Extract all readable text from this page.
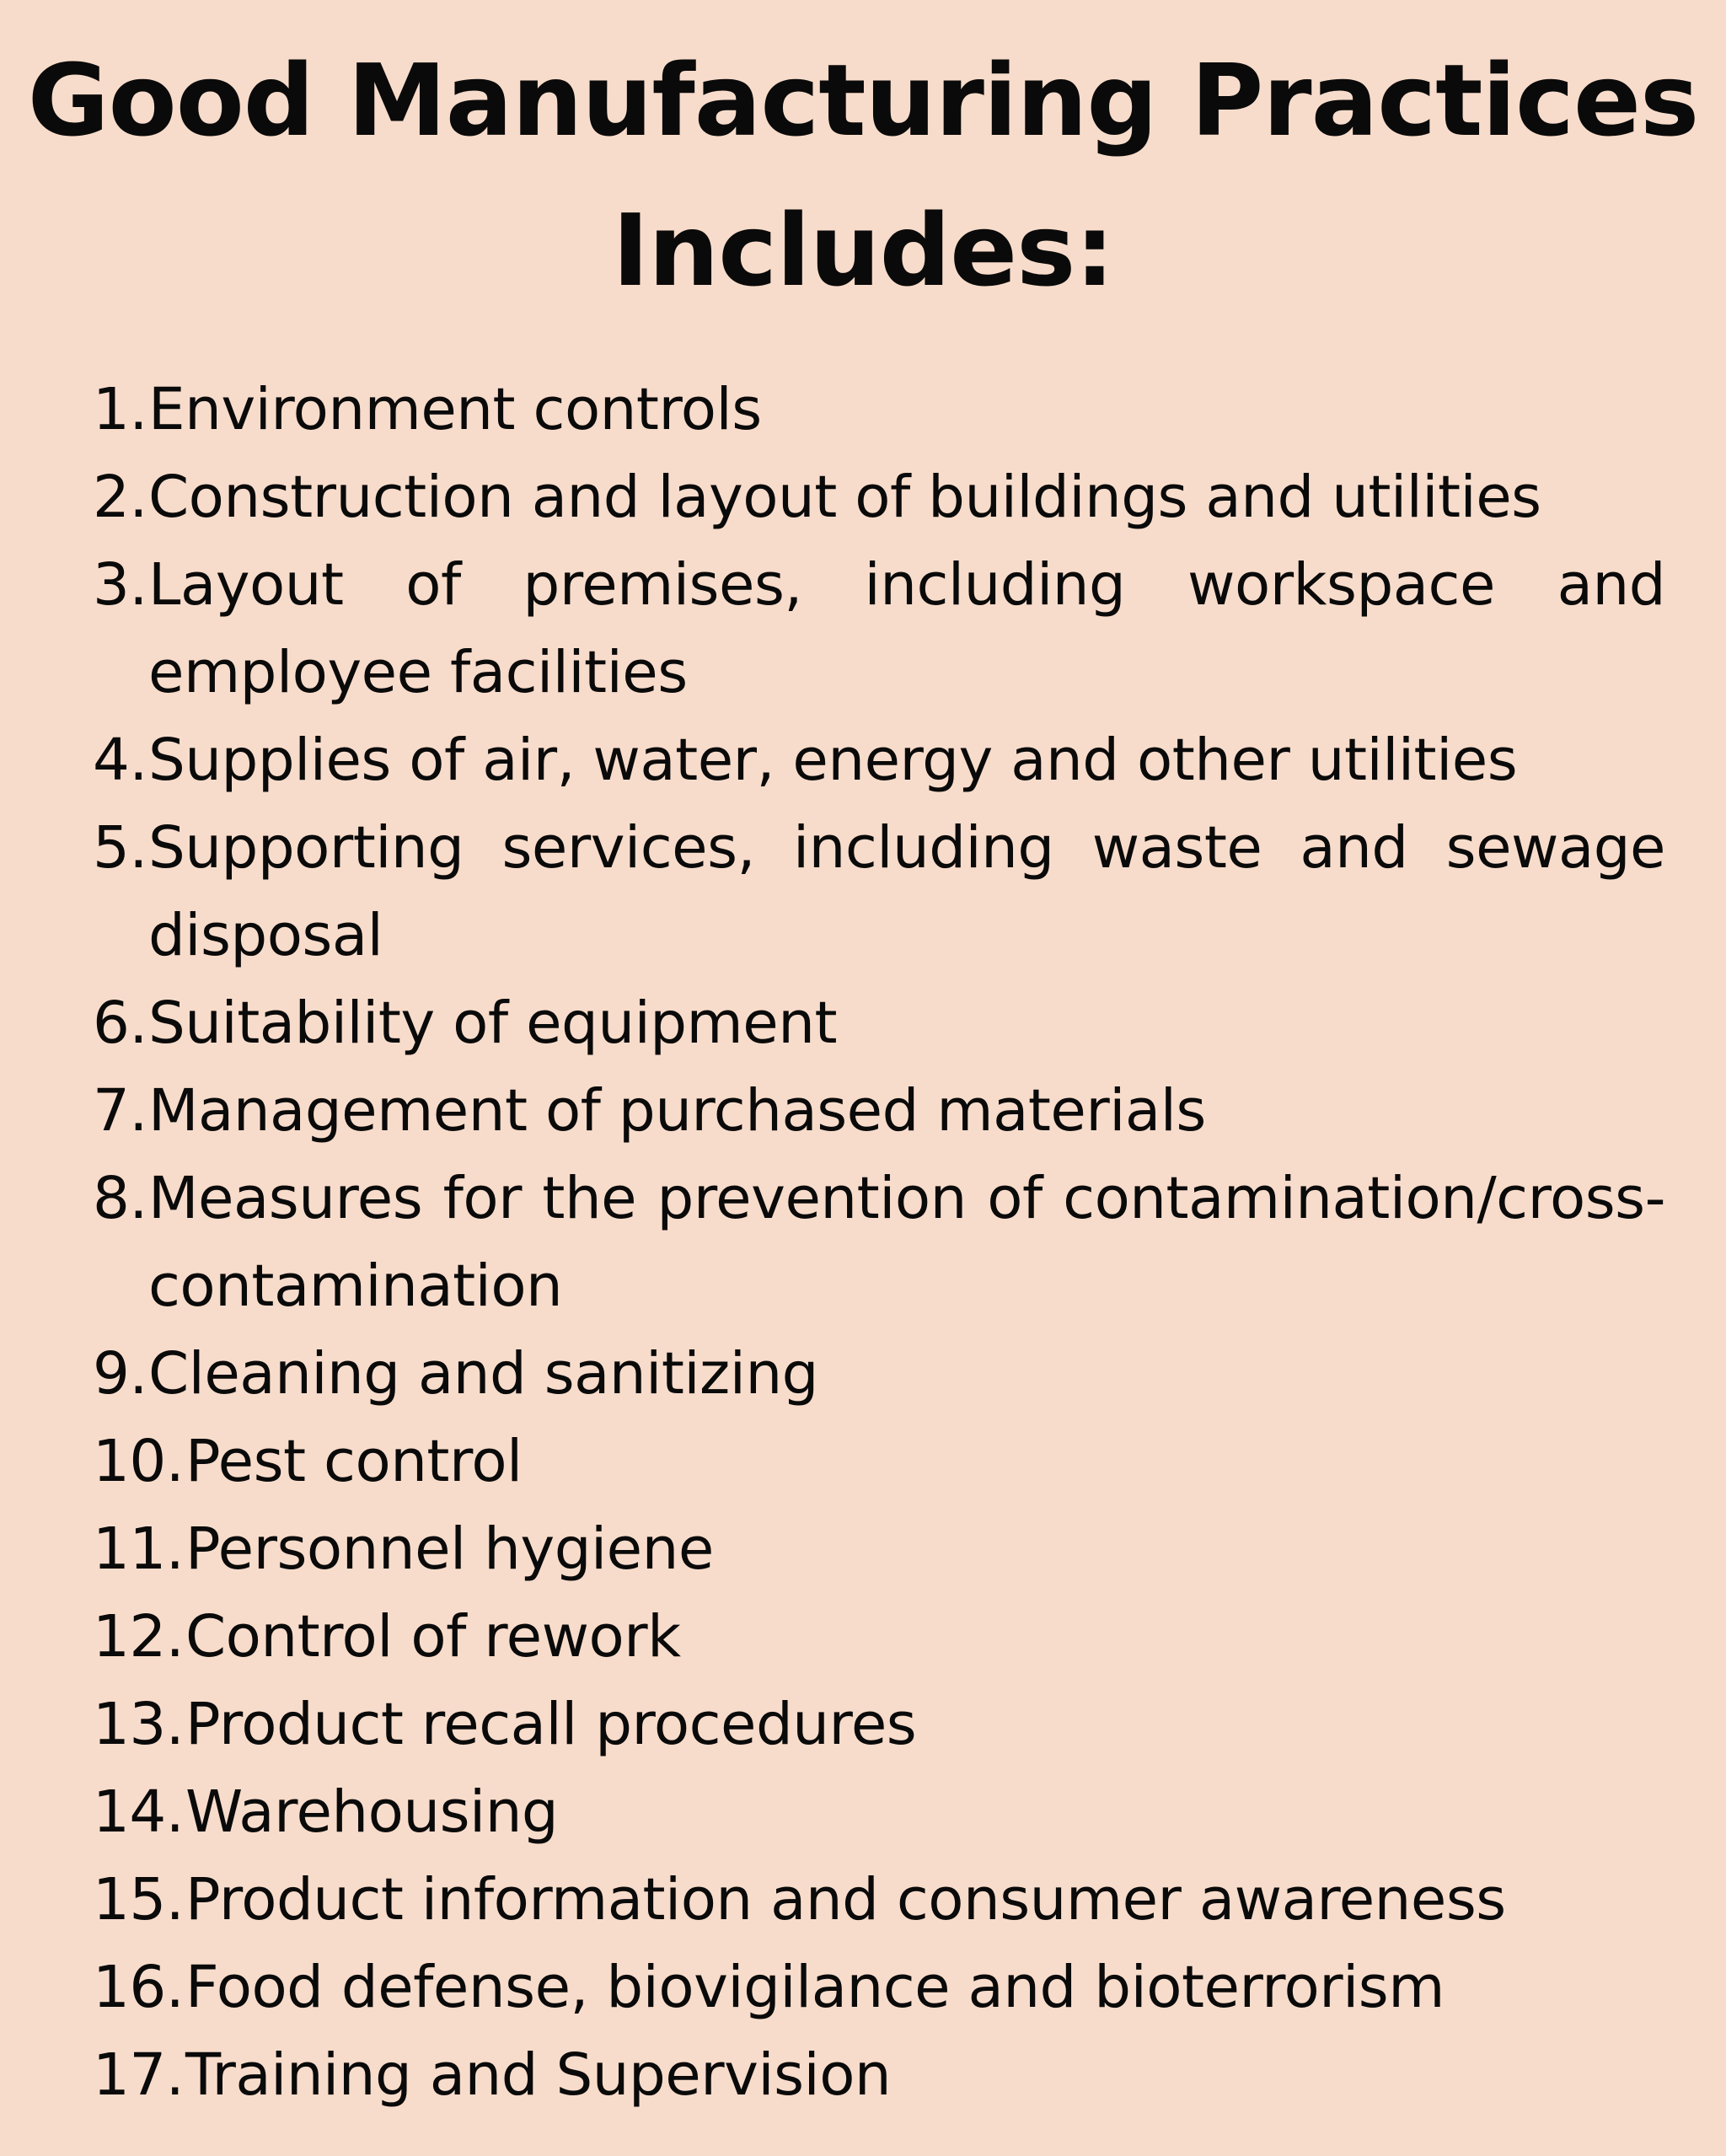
Good Manufacturing Practices
Includes:
1. Environment controls
2. Construction and layout of buildings and utilities
3. Layout of premises, including workspace and employee facilities
4. Supplies of air, water, energy and other utilities
5. Supporting services, including waste and sewage disposal
6. Suitability of equipment
7. Management of purchased materials
8. Measures for the prevention of contamination/cross-contamination
9. Cleaning and sanitizing
10. Pest control
11. Personnel hygiene
12. Control of rework
13. Product recall procedures
14. Warehousing
15. Product information and consumer awareness
16. Food defense, biovigilance and bioterrorism
17. Training and Supervision
